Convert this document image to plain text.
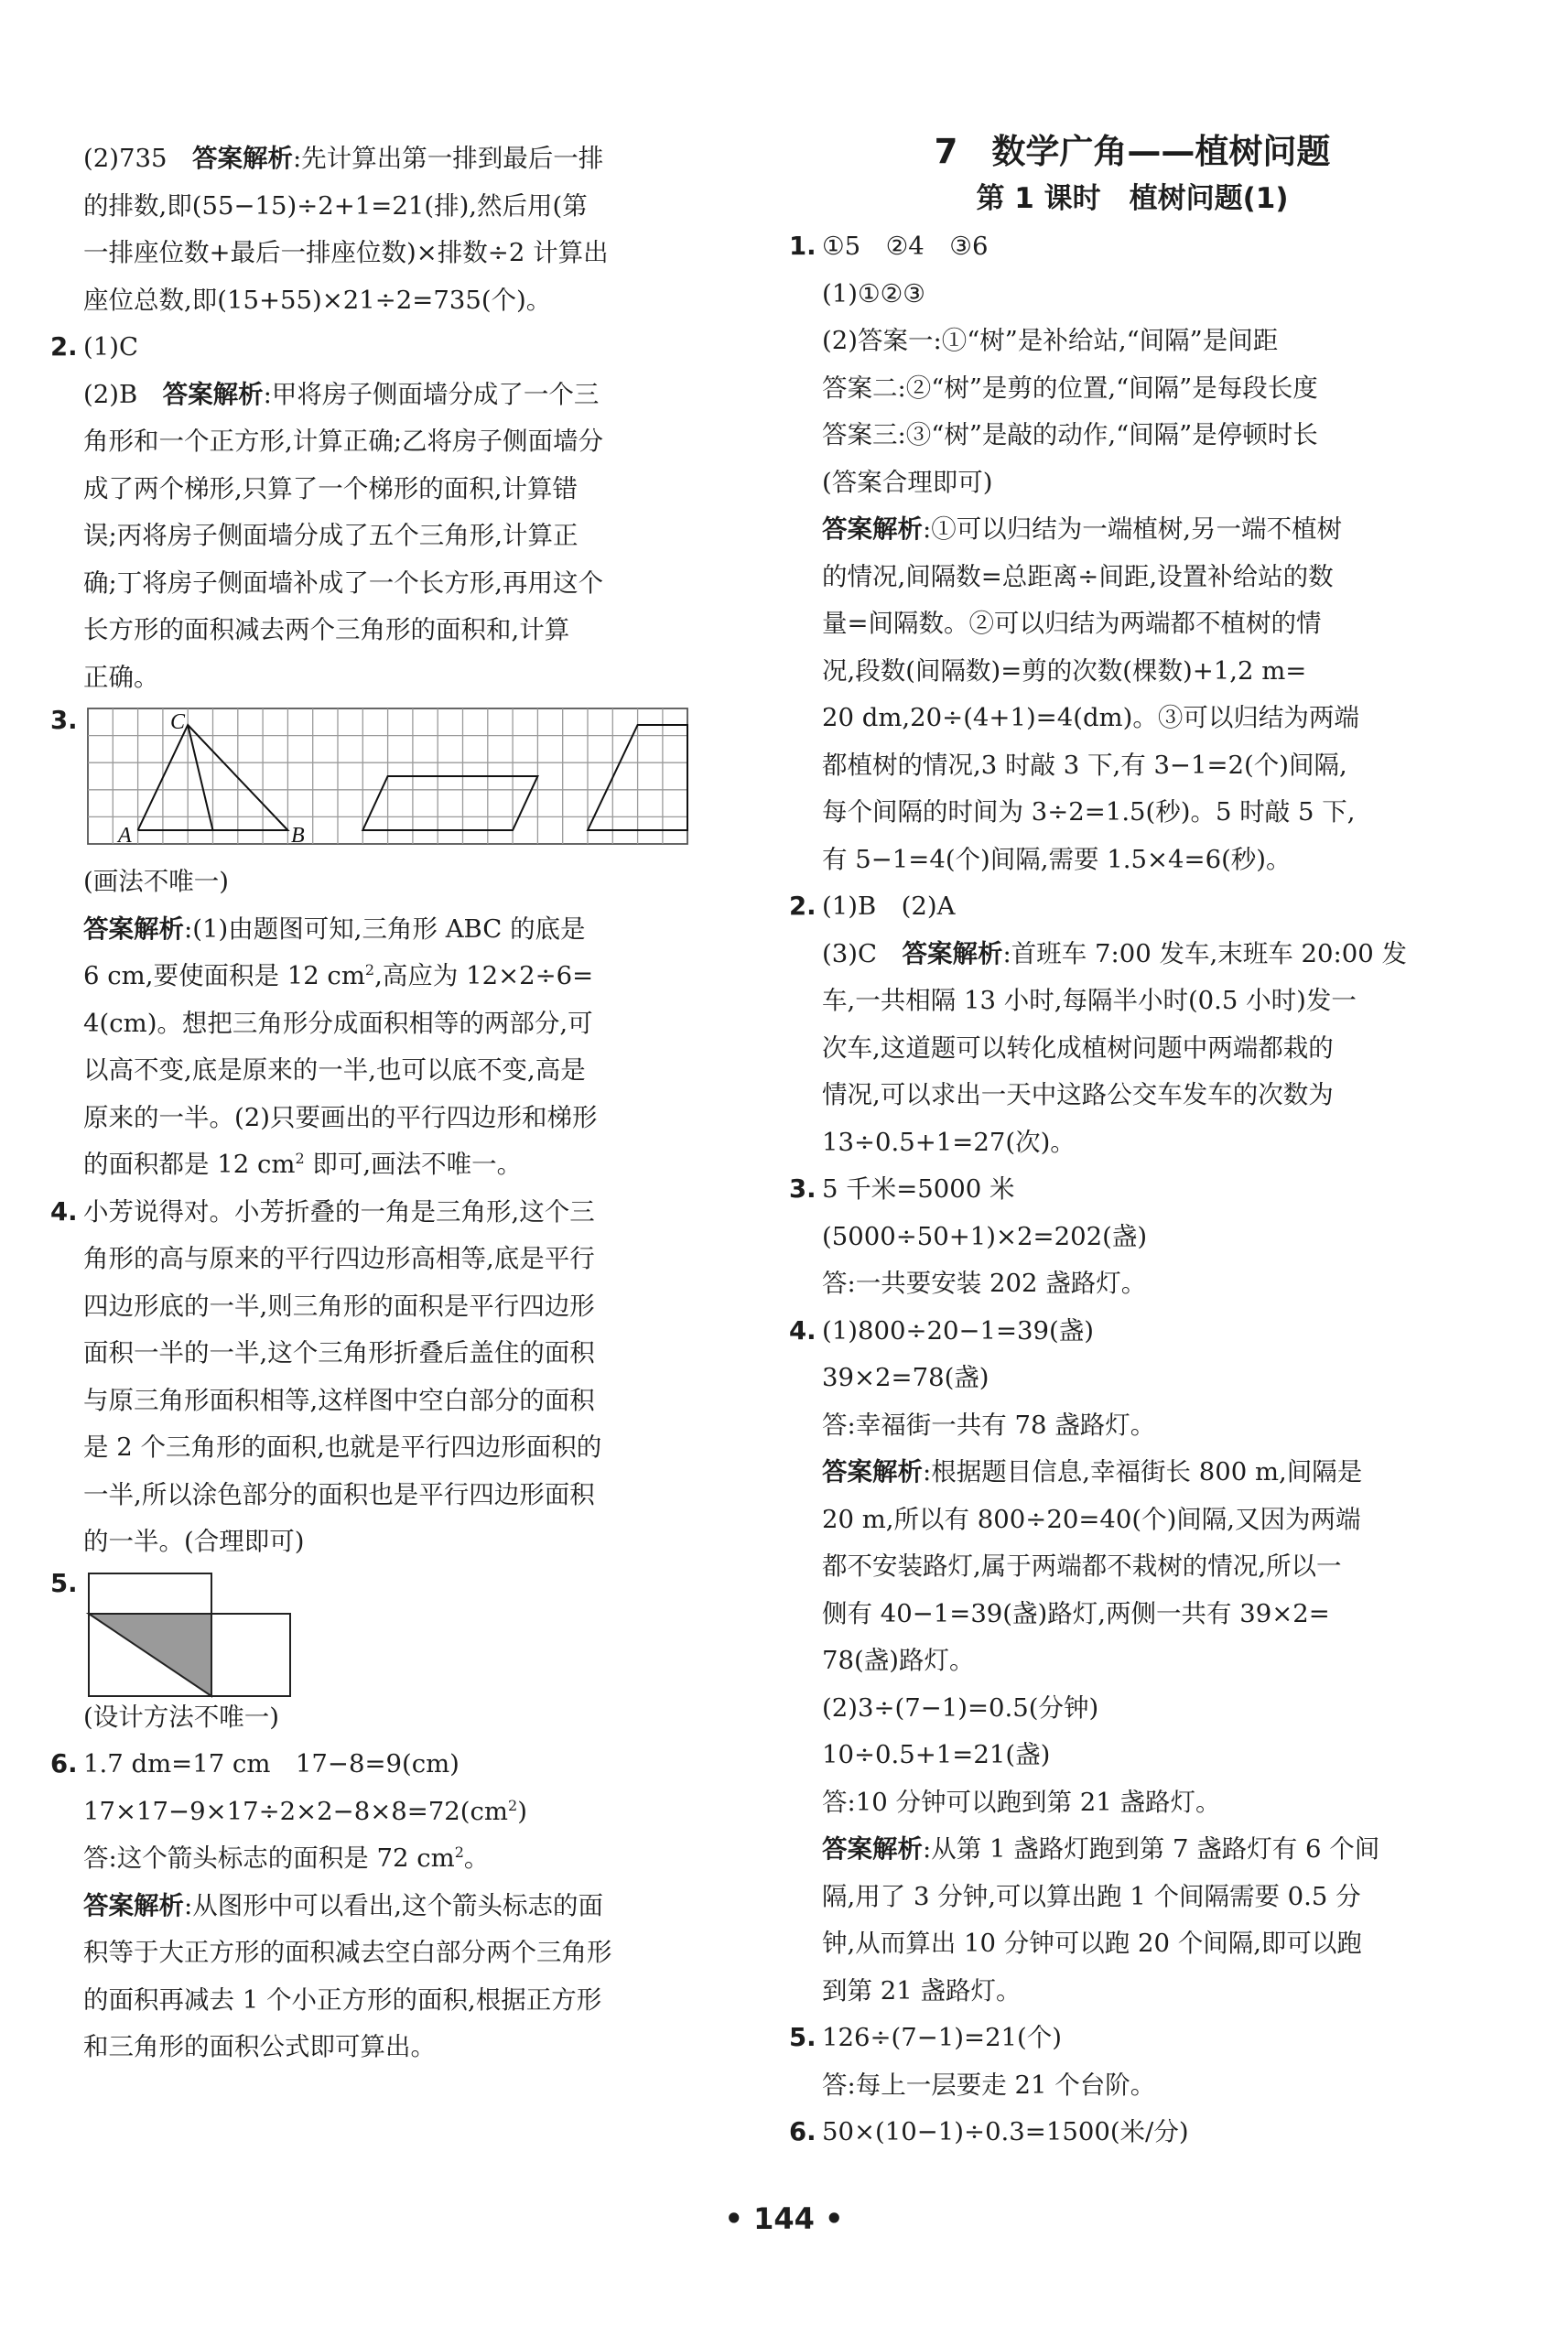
(2)735　答案解析:先计算出第一排到最后一排

的排数,即(55−15)÷2+1=21(排),然后用(第

一排座位数+最后一排座位数)×排数÷2 计算出

座位总数,即(15+55)×21÷2=735(个)。

2. (1)C

(2)B　答案解析:甲将房子侧面墙分成了一个三

角形和一个正方形,计算正确;乙将房子侧面墙分

成了两个梯形,只算了一个梯形的面积,计算错

误;丙将房子侧面墙分成了五个三角形,计算正

确;丁将房子侧面墙补成了一个长方形,再用这个

长方形的面积减去两个三角形的面积和,计算

正确。

3.	C
A	B

(画法不唯一)

答案解析:(1)由题图可知,三角形 ABC 的底是

6 cm,要使面积是 12 $cm^2$,高应为 12×2÷6=

4(cm)。想把三角形分成面积相等的两部分,可

以高不变,底是原来的一半,也可以底不变,高是

原来的一半。(2)只要画出的平行四边形和梯形

的面积都是 12 $cm^2$ 即可,画法不唯一。

4. 小芳说得对。小芳折叠的一角是三角形,这个三

角形的高与原来的平行四边形高相等,底是平行

四边形底的一半,则三角形的面积是平行四边形

面积一半的一半,这个三角形折叠后盖住的面积

与原三角形面积相等,这样图中空白部分的面积

是 2 个三角形的面积,也就是平行四边形面积的

一半,所以涂色部分的面积也是平行四边形面积

的一半。(合理即可)

5.

(设计方法不唯一)

6. 1.7 dm=17 cm　17−8=9(cm)

$17\times 17-9\times 17\div 2\times 2-8\times 8=72(cm^2)$

答:这个箭头标志的面积是 72 $cm^2$。

答案解析:从图形中可以看出,这个箭头标志的面

积等于大正方形的面积减去空白部分两个三角形

的面积再减去 1 个小正方形的面积,根据正方形

和三角形的面积公式即可算出。

7　数学广角——植树问题
第 1 课时　植树问题(1)

1. ①5　②4　③6

(1)①②③

(2)答案一:①“树”是补给站,“间隔”是间距

答案二:②“树”是剪的位置,“间隔”是每段长度

答案三:③“树”是敲的动作,“间隔”是停顿时长

(答案合理即可)

答案解析:①可以归结为一端植树,另一端不植树

的情况,间隔数=总距离÷间距,设置补给站的数

量=间隔数。②可以归结为两端都不植树的情

况,段数(间隔数)=剪的次数(棵数)+1,2 m=

20 dm,20÷(4+1)=4(dm)。③可以归结为两端

都植树的情况,3 时敲 3 下,有 3−1=2(个)间隔,

每个间隔的时间为 3÷2=1.5(秒)。5 时敲 5 下,

有 5−1=4(个)间隔,需要 1.5×4=6(秒)。

2. (1)B　(2)A

(3)C　答案解析:首班车 7:00 发车,末班车 20:00 发

车,一共相隔 13 小时,每隔半小时(0.5 小时)发一

次车,这道题可以转化成植树问题中两端都栽的

情况,可以求出一天中这路公交车发车的次数为

13÷0.5+1=27(次)。

3. 5 千米=5000 米

(5000÷50+1)×2=202(盏)

答:一共要安装 202 盏路灯。

4. (1)800÷20−1=39(盏)

39×2=78(盏)

答:幸福街一共有 78 盏路灯。

答案解析:根据题目信息,幸福街长 800 m,间隔是

20 m,所以有 800÷20=40(个)间隔,又因为两端

都不安装路灯,属于两端都不栽树的情况,所以一

侧有 40−1=39(盏)路灯,两侧一共有 39×2=

78(盏)路灯。

(2)3÷(7−1)=0.5(分钟)

10÷0.5+1=21(盏)

答:10 分钟可以跑到第 21 盏路灯。

答案解析:从第 1 盏路灯跑到第 7 盏路灯有 6 个间

隔,用了 3 分钟,可以算出跑 1 个间隔需要 0.5 分

钟,从而算出 10 分钟可以跑 20 个间隔,即可以跑

到第 21 盏路灯。

5. 126÷(7−1)=21(个)

答:每上一层要走 21 个台阶。

6. 50×(10−1)÷0.3=1500(米/分)

• 144 •
